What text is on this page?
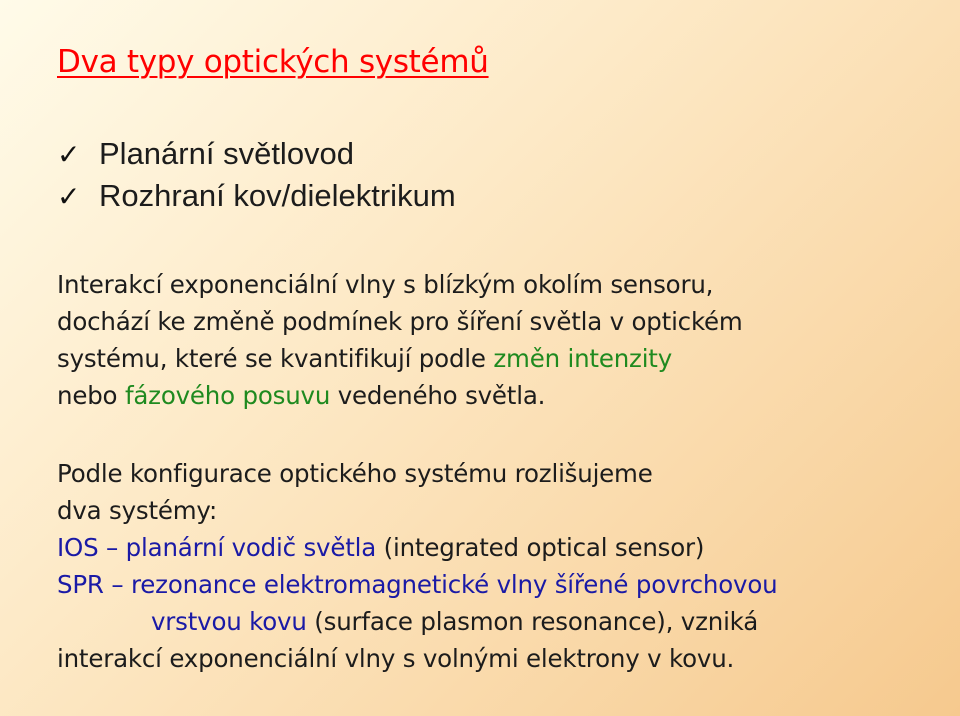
Dva typy optických systémů
✓ Planární světlovod
✓ Rozhraní kov/dielektrikum
Interakcí exponenciální vlny s blízkým okolím sensoru,
dochází ke změně podmínek pro šíření světla v optickém
systému, které se kvantifikují podle změn intenzity
nebo fázového posuvu vedeného světla.
Podle konfigurace optického systému rozlišujeme
dva systémy:
IOS – planární vodič světla (integrated optical sensor)
SPR – rezonance elektromagnetické vlny šířené povrchovou
vrstvou kovu (surface plasmon resonance), vzniká
interakcí exponenciální vlny s volnými elektrony v kovu.
